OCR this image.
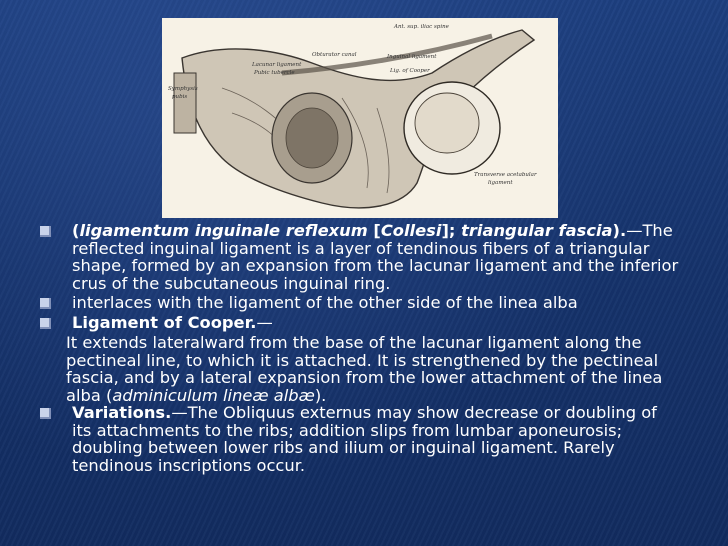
Ant. sup. iliac spine
Obturator canal	Inguinal ligament
Lacunar ligament
Pubic tubercle	Lig. of Cooper
Symphysis
pubis
Transverse acetabular
ligament
(ligamentum inguinale reflexum [Collesi]; triangular fascia).—The reflected inguinal ligament is a layer of tendinous fibers of a triangular shape, formed by an expansion from the lacunar ligament and the inferior crus of the subcutaneous inguinal ring.
interlaces with the ligament of the other side of the linea alba
Ligament of Cooper.—
It extends lateralward from the base of the lacunar ligament along the pectineal line, to which it is attached. It is strengthened by the pectineal fascia, and by a lateral expansion from the lower attachment of the linea alba (adminiculum lineæ albæ).
Variations.—The Obliquus externus may show decrease or doubling of its attachments to the ribs; addition slips from lumbar aponeurosis; doubling between lower ribs and ilium or inguinal ligament. Rarely tendinous inscriptions occur.
